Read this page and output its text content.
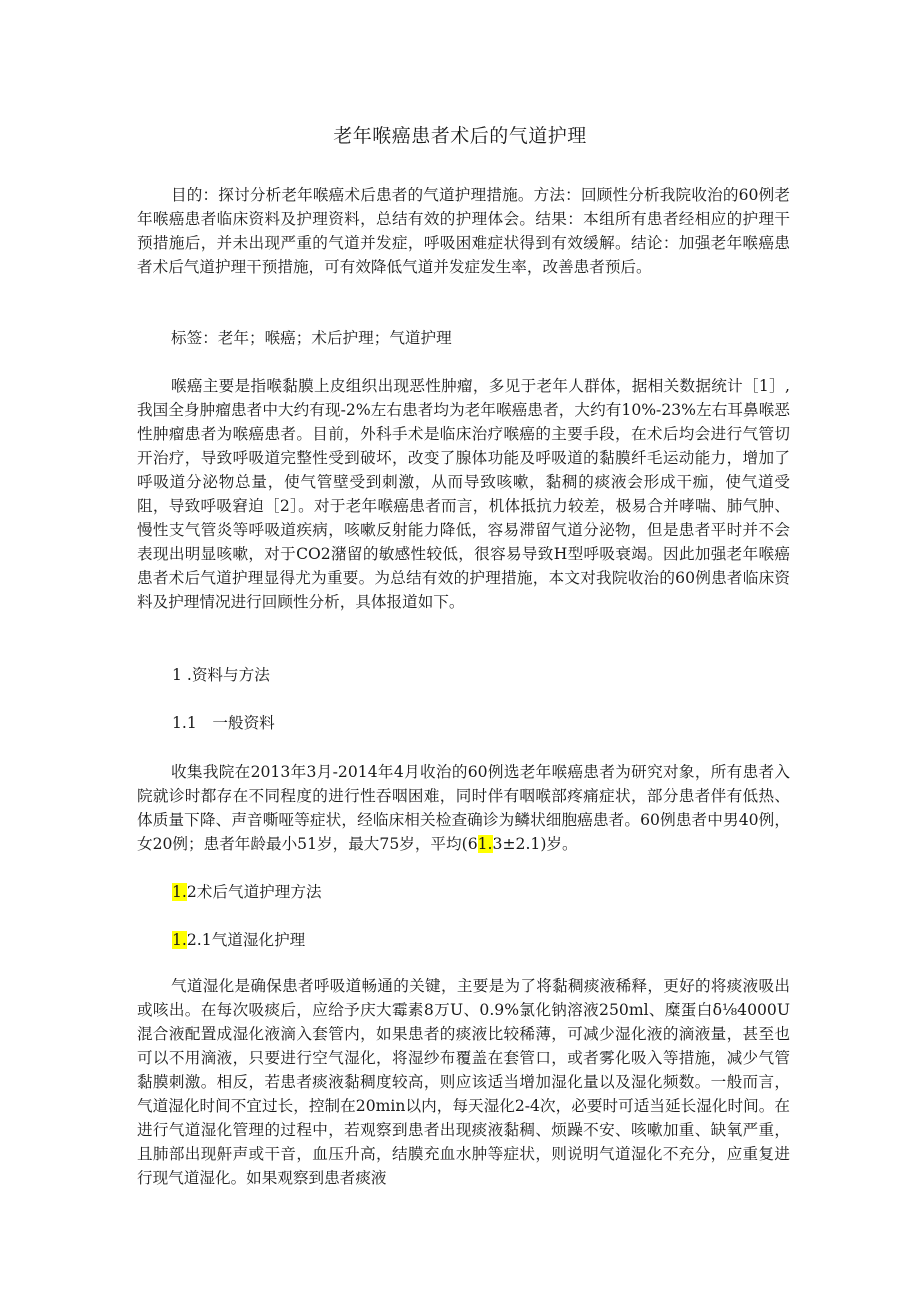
老年喉癌患者术后的气道护理

目的：探讨分析老年喉癌术后患者的气道护理措施。方法：回顾性分析我院收治的60例老年喉癌患者临床资料及护理资料，总结有效的护理体会。结果：本组所有患者经相应的护理干预措施后，并未出现严重的气道并发症，呼吸困难症状得到有效缓解。结论：加强老年喉癌患者术后气道护理干预措施，可有效降低气道并发症发生率，改善患者预后。

标签：老年；喉癌；术后护理；气道护理

喉癌主要是指喉黏膜上皮组织出现恶性肿瘤，多见于老年人群体，据相关数据统计［1］,我国全身肿瘤患者中大约有现-2%左右患者均为老年喉癌患者，大约有10%-23%左右耳鼻喉恶性肿瘤患者为喉癌患者。目前，外科手术是临床治疗喉癌的主要手段，在术后均会进行气管切开治疗，导致呼吸道完整性受到破坏，改变了腺体功能及呼吸道的黏膜纤毛运动能力，增加了呼吸道分泌物总量，使气管壁受到刺激，从而导致咳嗽，黏稠的痰液会形成干痂，使气道受阻，导致呼吸窘迫［2］。对于老年喉癌患者而言，机体抵抗力较差，极易合并哮喘、肺气肿、慢性支气管炎等呼吸道疾病，咳嗽反射能力降低，容易滞留气道分泌物，但是患者平时并不会表现出明显咳嗽，对于CO2潴留的敏感性较低，很容易导致H型呼吸衰竭。因此加强老年喉癌患者术后气道护理显得尤为重要。为总结有效的护理措施，本文对我院收治的60例患者临床资料及护理情况进行回顾性分析，具体报道如下。

1 .资料与方法
1.1　一般资料

收集我院在2013年3月-2014年4月收治的60例选老年喉癌患者为研究对象，所有患者入院就诊时都存在不同程度的进行性吞咽困难，同时伴有咽喉部疼痛症状，部分患者伴有低热、体质量下降、声音嘶哑等症状，经临床相关检查确诊为鳞状细胞癌患者。60例患者中男40例，女20例；患者年龄最小51岁，最大75岁，平均(61.3±2.1)岁。

1.2术后气道护理方法
1.2.1气道湿化护理

气道湿化是确保患者呼吸道畅通的关键，主要是为了将黏稠痰液稀释，更好的将痰液吸出或咳出。在每次吸痰后，应给予庆大霉素8万U、0.9%氯化钠溶液250ml、糜蛋白δ⅛4000U混合液配置成湿化液滴入套管内，如果患者的痰液比较稀薄，可减少湿化液的滴液量，甚至也可以不用滴液，只要进行空气湿化，将湿纱布覆盖在套管口，或者雾化吸入等措施，减少气管黏膜刺激。相反，若患者痰液黏稠度较高，则应该适当增加湿化量以及湿化频数。一般而言，气道湿化时间不宜过长，控制在20min以内，每天湿化2-4次，必要时可适当延长湿化时间。在进行气道湿化管理的过程中，若观察到患者出现痰液黏稠、烦躁不安、咳嗽加重、缺氧严重，且肺部出现鼾声或干音，血压升高，结膜充血水肿等症状，则说明气道湿化不充分，应重复进行现气道湿化。如果观察到患者痰液
